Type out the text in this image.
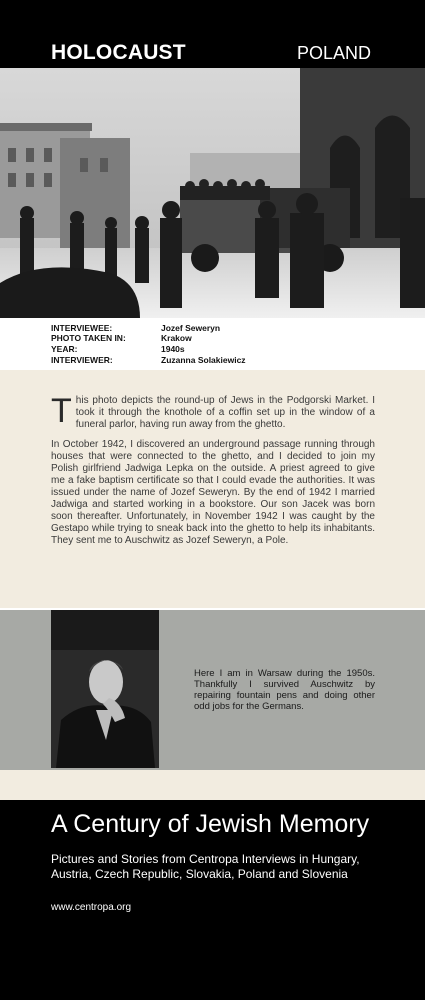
HOLOCAUST	POLAND
INTERVIEWEE:	Jozef Seweryn
PHOTO TAKEN IN:	Krakow
YEAR:	1940s
INTERVIEWER:	Zuzanna Solakiewicz

This photo depicts the round-up of Jews in the Podgorski Market. I took it through the knothole of a coffin set up in the window of a funeral parlor, having run away from the ghetto.

In October 1942, I discovered an underground passage running through houses that were connected to the ghetto, and I decided to join my Polish girlfriend Jadwiga Lepka on the outside. A priest agreed to give me a fake baptism certificate so that I could evade the authorities. It was issued under the name of Jozef Seweryn. By the end of 1942 I married Jadwiga and started working in a bookstore. Our son Jacek was born soon thereafter. Unfortunately, in November 1942 I was caught by the Gestapo while trying to sneak back into the ghetto to help its inhabitants. They sent me to Auschwitz as Jozef Seweryn, a Pole.

Here I am in Warsaw during the 1950s. Thankfully I survived Auschwitz by repairing fountain pens and doing other odd jobs for the Germans.
A Century of Jewish Memory
Pictures and Stories from Centropa Interviews in Hungary, Austria, Czech Republic, Slovakia, Poland and Slovenia
www.centropa.org
